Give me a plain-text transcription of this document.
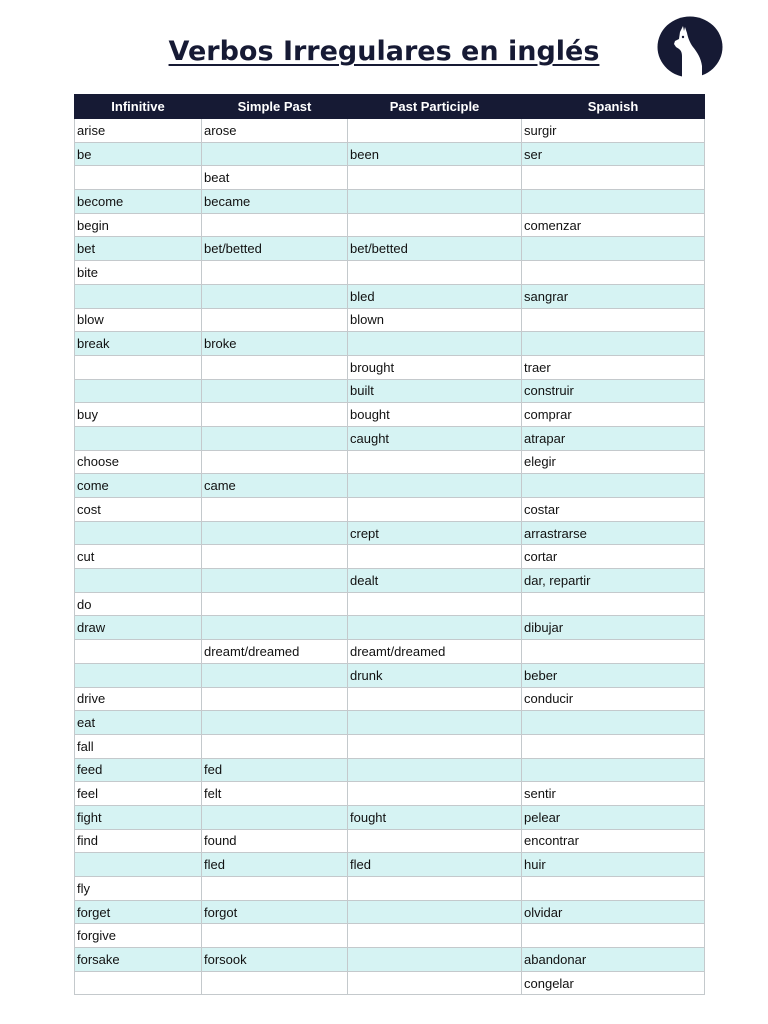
Verbos Irregulares en inglés
Infinitive	Simple Past	Past Participle	Spanish
arise	arose		surgir
be		been	ser
	beat		
become	became		
begin			comenzar
bet	bet/betted	bet/betted	
bite			
		bled	sangrar
blow		blown	
break	broke		
		brought	traer
		built	construir
buy		bought	comprar
		caught	atrapar
choose			elegir
come	came		
cost			costar
		crept	arrastrarse
cut			cortar
		dealt	dar, repartir
do			
draw			dibujar
	dreamt/dreamed	dreamt/dreamed	
		drunk	beber
drive			conducir
eat			
fall			
feed	fed		
feel	felt		sentir
fight		fought	pelear
find	found		encontrar
	fled	fled	huir
fly			
forget	forgot		olvidar
forgive			
forsake	forsook		abandonar
			congelar
